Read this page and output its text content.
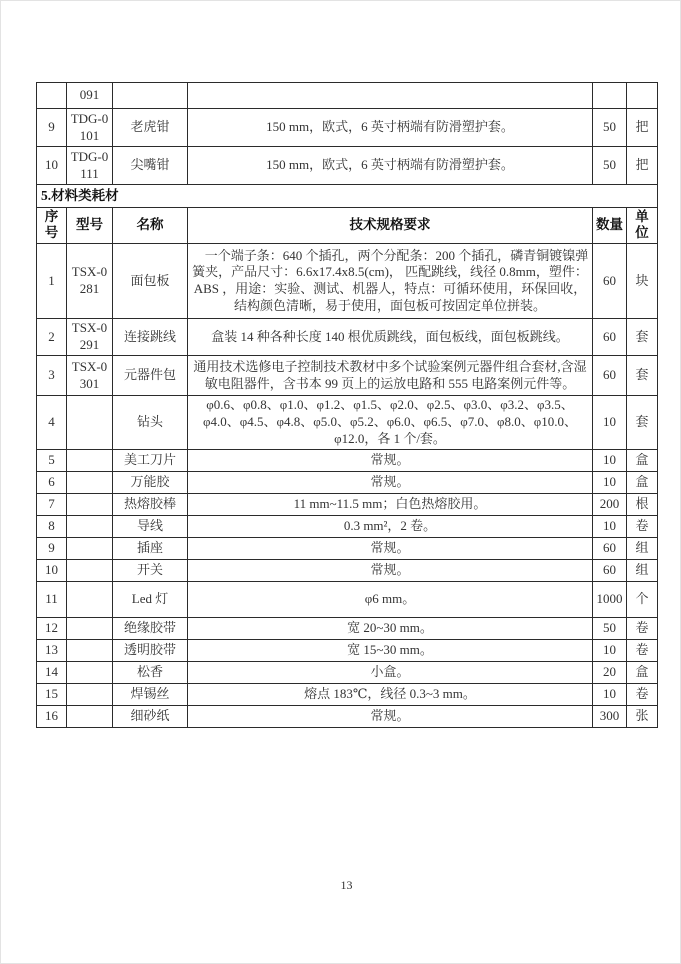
	091				
9	TDG-0101	老虎钳	150 mm，欧式，6 英寸柄端有防滑塑护套。	50	把
10	TDG-0111	尖嘴钳	150 mm，欧式，6 英寸柄端有防滑塑护套。	50	把
5.材料类耗材					
序号	型号	名称	技术规格要求	数量	单位
1	TSX-0281	面包板	一个端子条：640 个插孔，两个分配条：200 个插孔，磷青铜镀镍弹簧夹，产品尺寸：6.6x17.4x8.5(cm)， 匹配跳线，线径 0.8mm，塑件：ABS ，用途：实验、测试、机器人，特点：可循环使用，环保回收，结构颜色清晰，易于使用，面包板可按固定单位拼装。	60	块
2	TSX-0291	连接跳线	盒装 14 种各种长度 140 根优质跳线，面包板线，面包板跳线。	60	套
3	TSX-0301	元器件包	通用技术选修电子控制技术教材中多个试验案例元器件组合套材,含湿敏电阻器件，含书本 99 页上的运放电路和 555 电路案例元件等。	60	套
4		钻头	φ0.6、φ0.8、φ1.0、φ1.2、φ1.5、φ2.0、φ2.5、φ3.0、φ3.2、φ3.5、φ4.0、φ4.5、φ4.8、φ5.0、φ5.2、φ6.0、φ6.5、φ7.0、φ8.0、φ10.0、φ12.0，各 1 个/套。	10	套
5		美工刀片	常规。	10	盒
6		万能胶	常规。	10	盒
7		热熔胶棒	11 mm~11.5 mm；白色热熔胶用。	200	根
8		导线	0.3 mm²，2 卷。	10	卷
9		插座	常规。	60	组
10		开关	常规。	60	组
11		Led 灯	φ6 mm。	1000	个
12		绝缘胶带	宽 20~30 mm。	50	卷
13		透明胶带	宽 15~30 mm。	10	卷
14		松香	小盒。	20	盒
15		焊锡丝	熔点 183℃，线径 0.3~3 mm。	10	卷
16		细砂纸	常规。	300	张
13
